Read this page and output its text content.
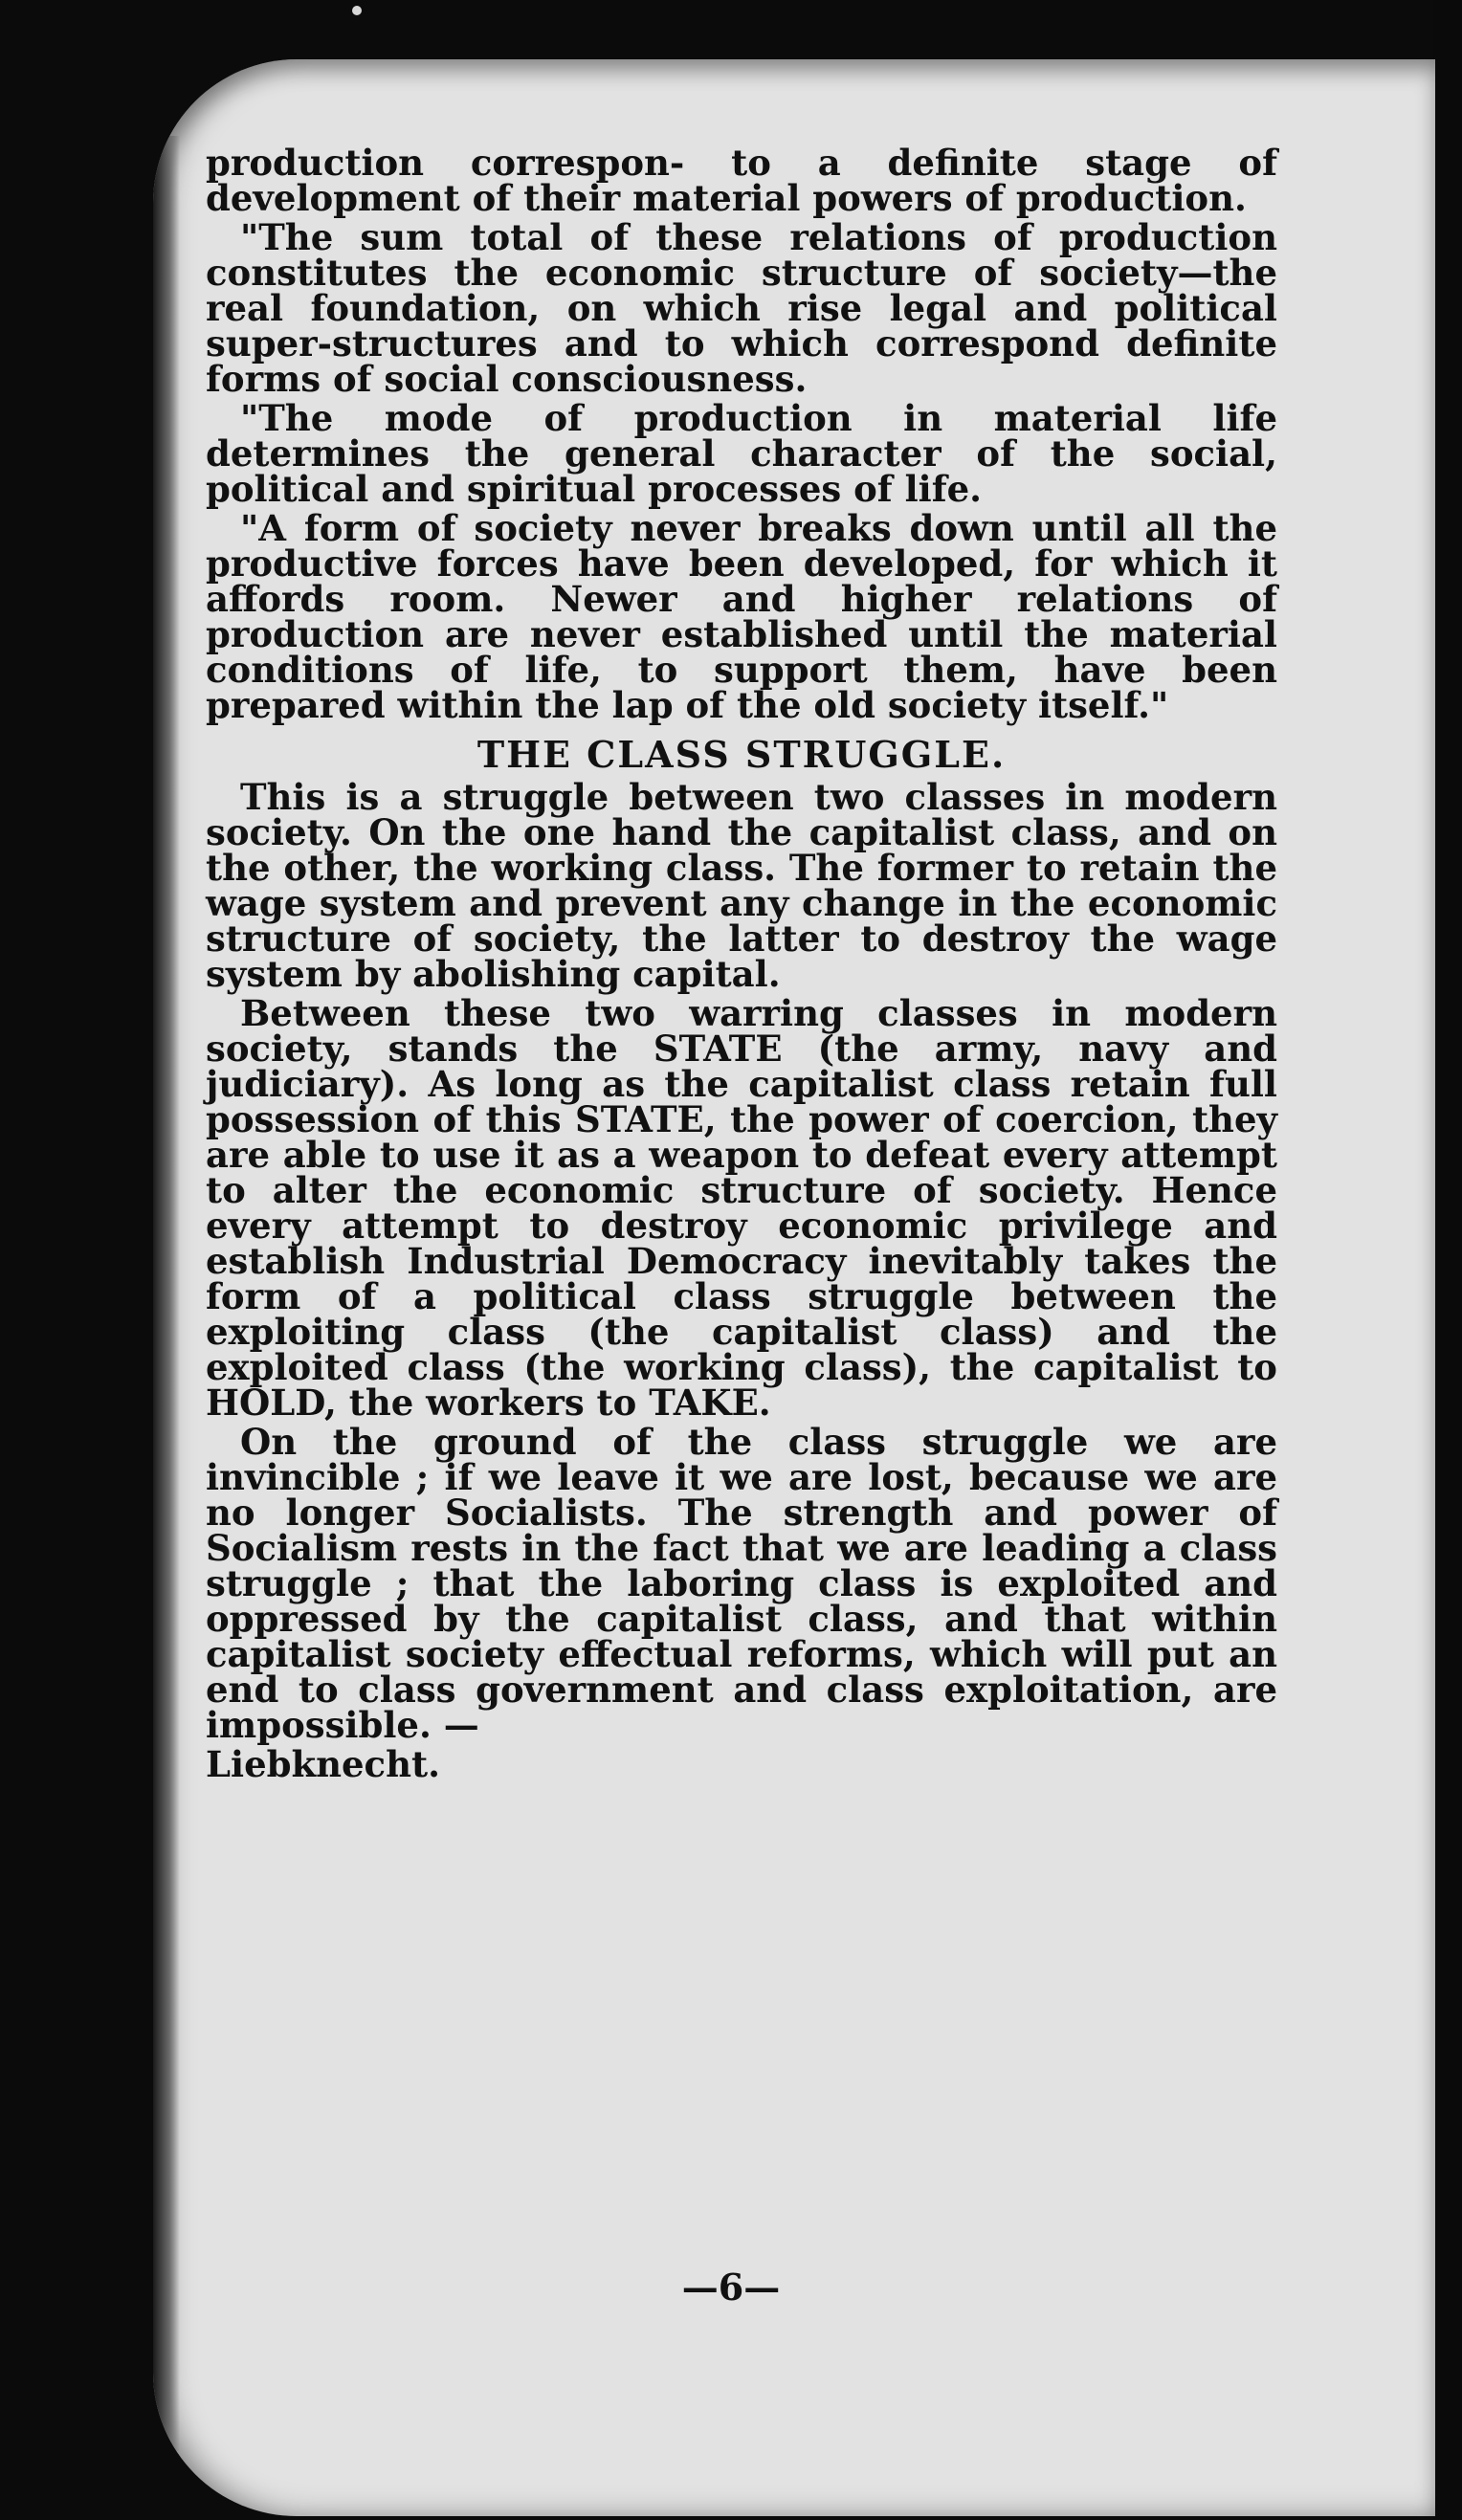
production correspon- to a definite stage of development of their material powers of production.

"The sum total of these relations of production constitutes the economic structure of society—the real foundation, on which rise legal and political super-structures and to which correspond definite forms of social consciousness.

"The mode of production in material life determines the general character of the social, political and spiritual processes of life.

"A form of society never breaks down until all the productive forces have been developed, for which it affords room. Newer and higher relations of production are never established until the material conditions of life, to support them, have been prepared within the lap of the old society itself."

THE CLASS STRUGGLE.

This is a struggle between two classes in modern society. On the one hand the capitalist class, and on the other, the working class. The former to retain the wage system and prevent any change in the economic structure of society, the latter to destroy the wage system by abolishing capital.

Between these two warring classes in modern society, stands the STATE (the army, navy and judiciary). As long as the capitalist class retain full possession of this STATE, the power of coercion, they are able to use it as a weapon to defeat every attempt to alter the economic structure of society. Hence every attempt to destroy economic privilege and establish Industrial Democracy inevitably takes the form of a political class struggle between the exploiting class (the capitalist class) and the exploited class (the working class), the capitalist to HOLD, the workers to TAKE.

On the ground of the class struggle we are invincible ; if we leave it we are lost, because we are no longer Socialists. The strength and power of Socialism rests in the fact that we are leading a class struggle ; that the laboring class is exploited and oppressed by the capitalist class, and that within capitalist society effectual reforms, which will put an end to class government and class exploitation, are impossible. —

Liebknecht.
—6—
